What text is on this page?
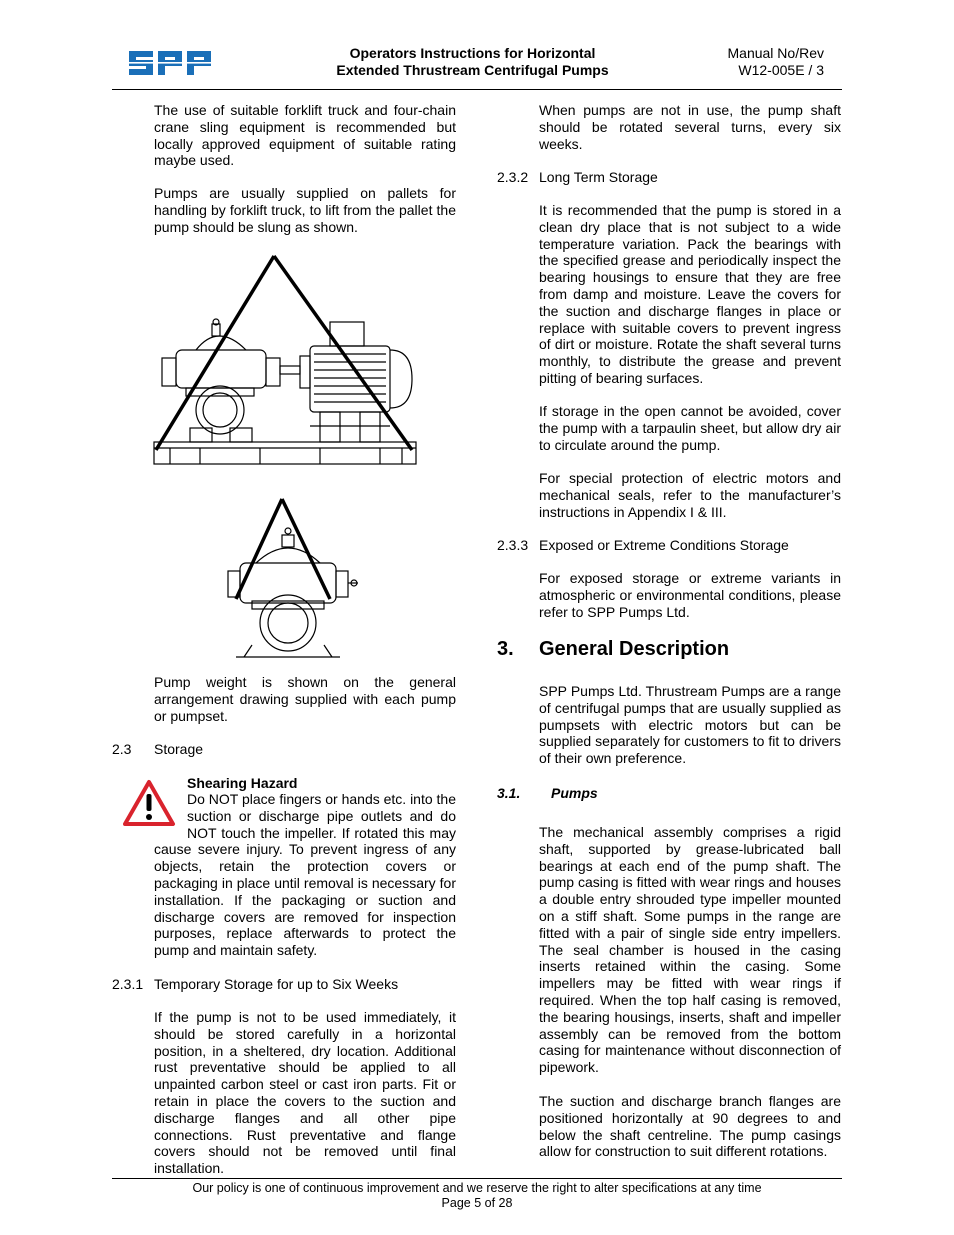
Operators Instructions for Horizontal
Extended Thrustream Centrifugal Pumps
Manual No/Rev
W12-005E / 3

The use of suitable forklift truck and four-chain crane sling equipment is recommended but locally approved equipment of suitable rating maybe used.

Pumps are usually supplied on pallets for handling by forklift truck, to lift from the pallet the pump should be slung as shown.

Pump weight is shown on the general arrangement drawing supplied with each pump or pumpset.

2.3 Storage
Shearing Hazard
Do NOT place fingers or hands etc. into the suction or discharge pipe outlets and do NOT touch the impeller. If rotated this may cause severe injury. To prevent ingress of any objects, retain the protection covers or packaging in place until removal is necessary for installation. If the packaging or suction and discharge covers are removed for inspection purposes, replace afterwards to protect the pump and maintain safety.
2.3.1 Temporary Storage for up to Six Weeks

If the pump is not to be used immediately, it should be stored carefully in a horizontal position, in a sheltered, dry location. Additional rust preventative should be applied to all unpainted carbon steel or cast iron parts. Fit or retain in place the covers to the suction and discharge flanges and all other pipe connections. Rust preventative and flange covers should not be removed until final installation.

When pumps are not in use, the pump shaft should be rotated several turns, every six weeks.

2.3.2 Long Term Storage

It is recommended that the pump is stored in a clean dry place that is not subject to a wide temperature variation. Pack the bearings with the specified grease and periodically inspect the bearing housings to ensure that they are free from damp and moisture. Leave the covers for the suction and discharge flanges in place or replace with suitable covers to prevent ingress of dirt or moisture. Rotate the shaft several turns monthly, to distribute the grease and prevent pitting of bearing surfaces.

If storage in the open cannot be avoided, cover the pump with a tarpaulin sheet, but allow dry air to circulate around the pump.

For special protection of electric motors and mechanical seals, refer to the manufacturer’s instructions in Appendix I & III.

2.3.3 Exposed or Extreme Conditions Storage

For exposed storage or extreme variants in atmospheric or environmental conditions, please refer to SPP Pumps Ltd.

3. General Description

SPP Pumps Ltd. Thrustream Pumps are a range of centrifugal pumps that are usually supplied as pumpsets with electric motors but can be supplied separately for customers to fit to drivers of their own preference.

3.1. Pumps

The mechanical assembly comprises a rigid shaft, supported by grease-lubricated ball bearings at each end of the pump shaft. The pump casing is fitted with wear rings and houses a double entry shrouded type impeller mounted on a stiff shaft. Some pumps in the range are fitted with a pair of single side entry impellers. The seal chamber is housed in the casing inserts retained within the casing. Some impellers may be fitted with wear rings if required. When the top half casing is removed, the bearing housings, inserts, shaft and impeller assembly can be removed from the bottom casing for maintenance without disconnection of pipework.

The suction and discharge branch flanges are positioned horizontally at 90 degrees to and below the shaft centreline. The pump casings allow for construction to suit different rotations.

Our policy is one of continuous improvement and we reserve the right to alter specifications at any time
Page 5 of 28
